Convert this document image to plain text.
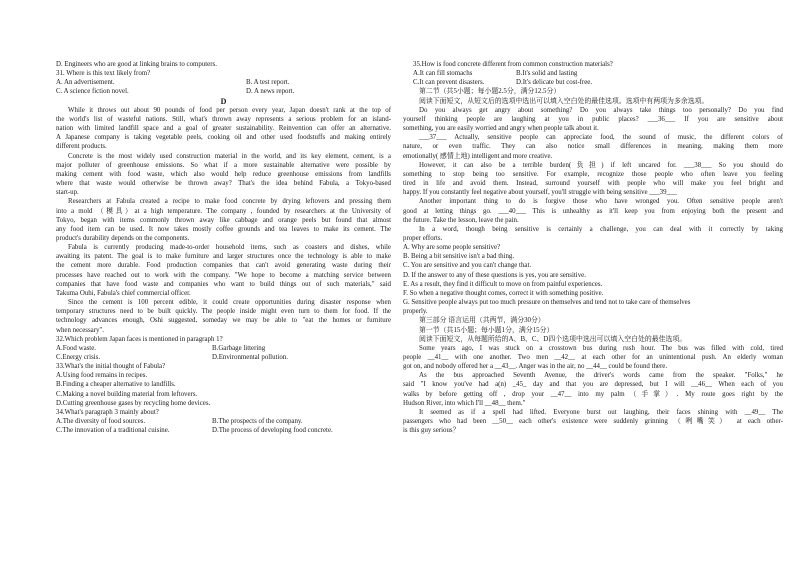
D. Engineers who are good at linking brains to computers.
31. Where is this text likely from?
A. An advertisement.	B. A test report.
C. A science fiction novel.	D. A news report.
D
While it throws out about 90 pounds of food per person every year, Japan doesn't rank at the top of
the world's list of wasteful nations. Still, what's thrown away represents a serious problem for an island-
nation with limited landfill space and a goal of greater sustainability. Reinvention can offer an alternative.
A Japanese company is taking vegetable peels, cooking oil and other used foodstuffs and making entirely
different products.
Concrete is the most widely used construction material in the world, and its key element, cement, is a
major polluter of greenhouse emissions. So what if a more sustainable alternative were possible by
making cement with food waste, which also would help reduce greenhouse emissions from landfills
where that waste would otherwise be thrown away? That's the idea behind Fabula, a Tokyo-based
start-up.
Researchers at Fabula created a recipe to make food concrete by drying leftovers and pressing them
into a mold （模具）at a high temperature. The company , founded by researchers at the University of
Tokyo, began with items commonly thrown away like cabbage and orange peels but found that almost
any food item can be used. It now takes mostly coffee grounds and tea leaves to make its cement. The
product's durability depends on the components.
Fabula is currently producing made-to-order household items, such as coasters and dishes, while
awaiting its patent. The goal is to make furniture and larger structures once the technology is able to make
the cement more durable. Food production companies that can't avoid generating waste during their
processes have reached out to work with the company. "We hope to become a matching service between
companies that have food waste and companies who want to build things out of such materials," said
Takuma Ouhi, Fabula's chief commercial officer.
Since the cement is 100 percent edible, it could create opportunities during disaster response when
temporary structures need to be built quickly. The people inside might even turn to them for food. If the
technology advances enough, Oshi suggested, someday we may be able to "eat the homes or furniture
when necessary".
32.Which problem Japan faces is mentioned in paragraph 1?
A.Food waste.	B.Garbage littering
C.Energy crisis.	D.Environmental pollution.
33.What's the initial thought of Fabula?
A.Using food remains in recipes.
B.Finding a cheaper alternative to landfills.
C.Making a novel building material from leftovers.
D.Cutting greenhouse gases by recycling home devices.
34.What's paragraph 3 mainly about?
A.The diversity of food sources.	B.The prospects of the company.
C.The innovation of a traditional cuisine.	D.The process of developing food concrete.
35.How is food concrete different from common construction materials?
A.It can fill stomachs	B.It's solid and lasting
C.It can prevent disasters.	D.It's delicate but cost-free.
第二节（共5小题；每小题2.5分，满分12.5分）
阅读下面短文，从短文后的选项中选出可以填入空白处的最佳选项。选项中有两项为多余选项。
Do you always get angry about something? Do you always take things too personally? Do you find
yourself thinking people are laughing at you in public places? ___36___ If you are sensitive about
something, you are easily worried and angry when people talk about it.
___37___ Actually, sensitive people can appreciate food, the sound of music, the different colors of
nature, or even traffic. They can also notice small differences in meaning, making them more
emotionally( 感情上地) intelligent and more creative.
However, it can also be a terrible burden(负担) if left uncared for. ___38___ So you should do
something to stop being too sensitive. For example, recognize those people who often leave you feeling
tired in life and avoid them. Instead, surround yourself with people who will make you feel bright and
happy. If you constantly feel negative about yourself, you'll struggle with being sensitive ___39___
Another important thing to do is forgive those who have wronged you. Often sensitive people aren't
good at letting things go. ___40___ This is unhealthy as it'll keep you from enjoying both the present and
the future. Take the lesson, leave the pain.
In a word, though being sensitive is certainly a challenge, you can deal with it correctly by taking
proper efforts.
A. Why are some people sensitive?
B. Being a bit sensitive isn't a bad thing.
C. You are sensitive and you can't change that.
D. If the answer to any of these questions is yes, you are sensitive.
E. As a result, they find it difficult to move on from painful experiences.
F. So when a negative thought comes, correct it with something positive.
G. Sensitive people always put too much pressure on themselves and tend not to take care of themselves
properly.
第三部分 语言运用（共两节，满分30分）
第一节（共15小题；每小题1分，满分15分）
阅读下面短文，从每题所给的A、B、C、D四个选项中选出可以填入空白处的最佳选项。
Some years ago, I was stuck on a crosstown bus during rush hour. The bus was filled with cold, tired
people __41__ with one another. Two men __42__ at each other for an unintentional push. An elderly woman
got on, and nobody offered her a __43__. Anger was in the air, no __44__ could be found there.
As the bus approached Seventh Avenue, the driver's words came from the speaker. "Folks," he
said "I know you've had a(n) _45_ day and that you are depressed, but I will __46__ When each of you
walks by before getting off , drop your __47__ into my palm（手掌）. My route goes right by the
Hudson River, into which I'll __48__ them."
It seemed as if a spell had lifted. Everyone burst out laughing, their faces shining with __49__ The
passengers who had been __50__ each other's existence were suddenly grinning （咧嘴笑） at each other-
is this guy serious？
